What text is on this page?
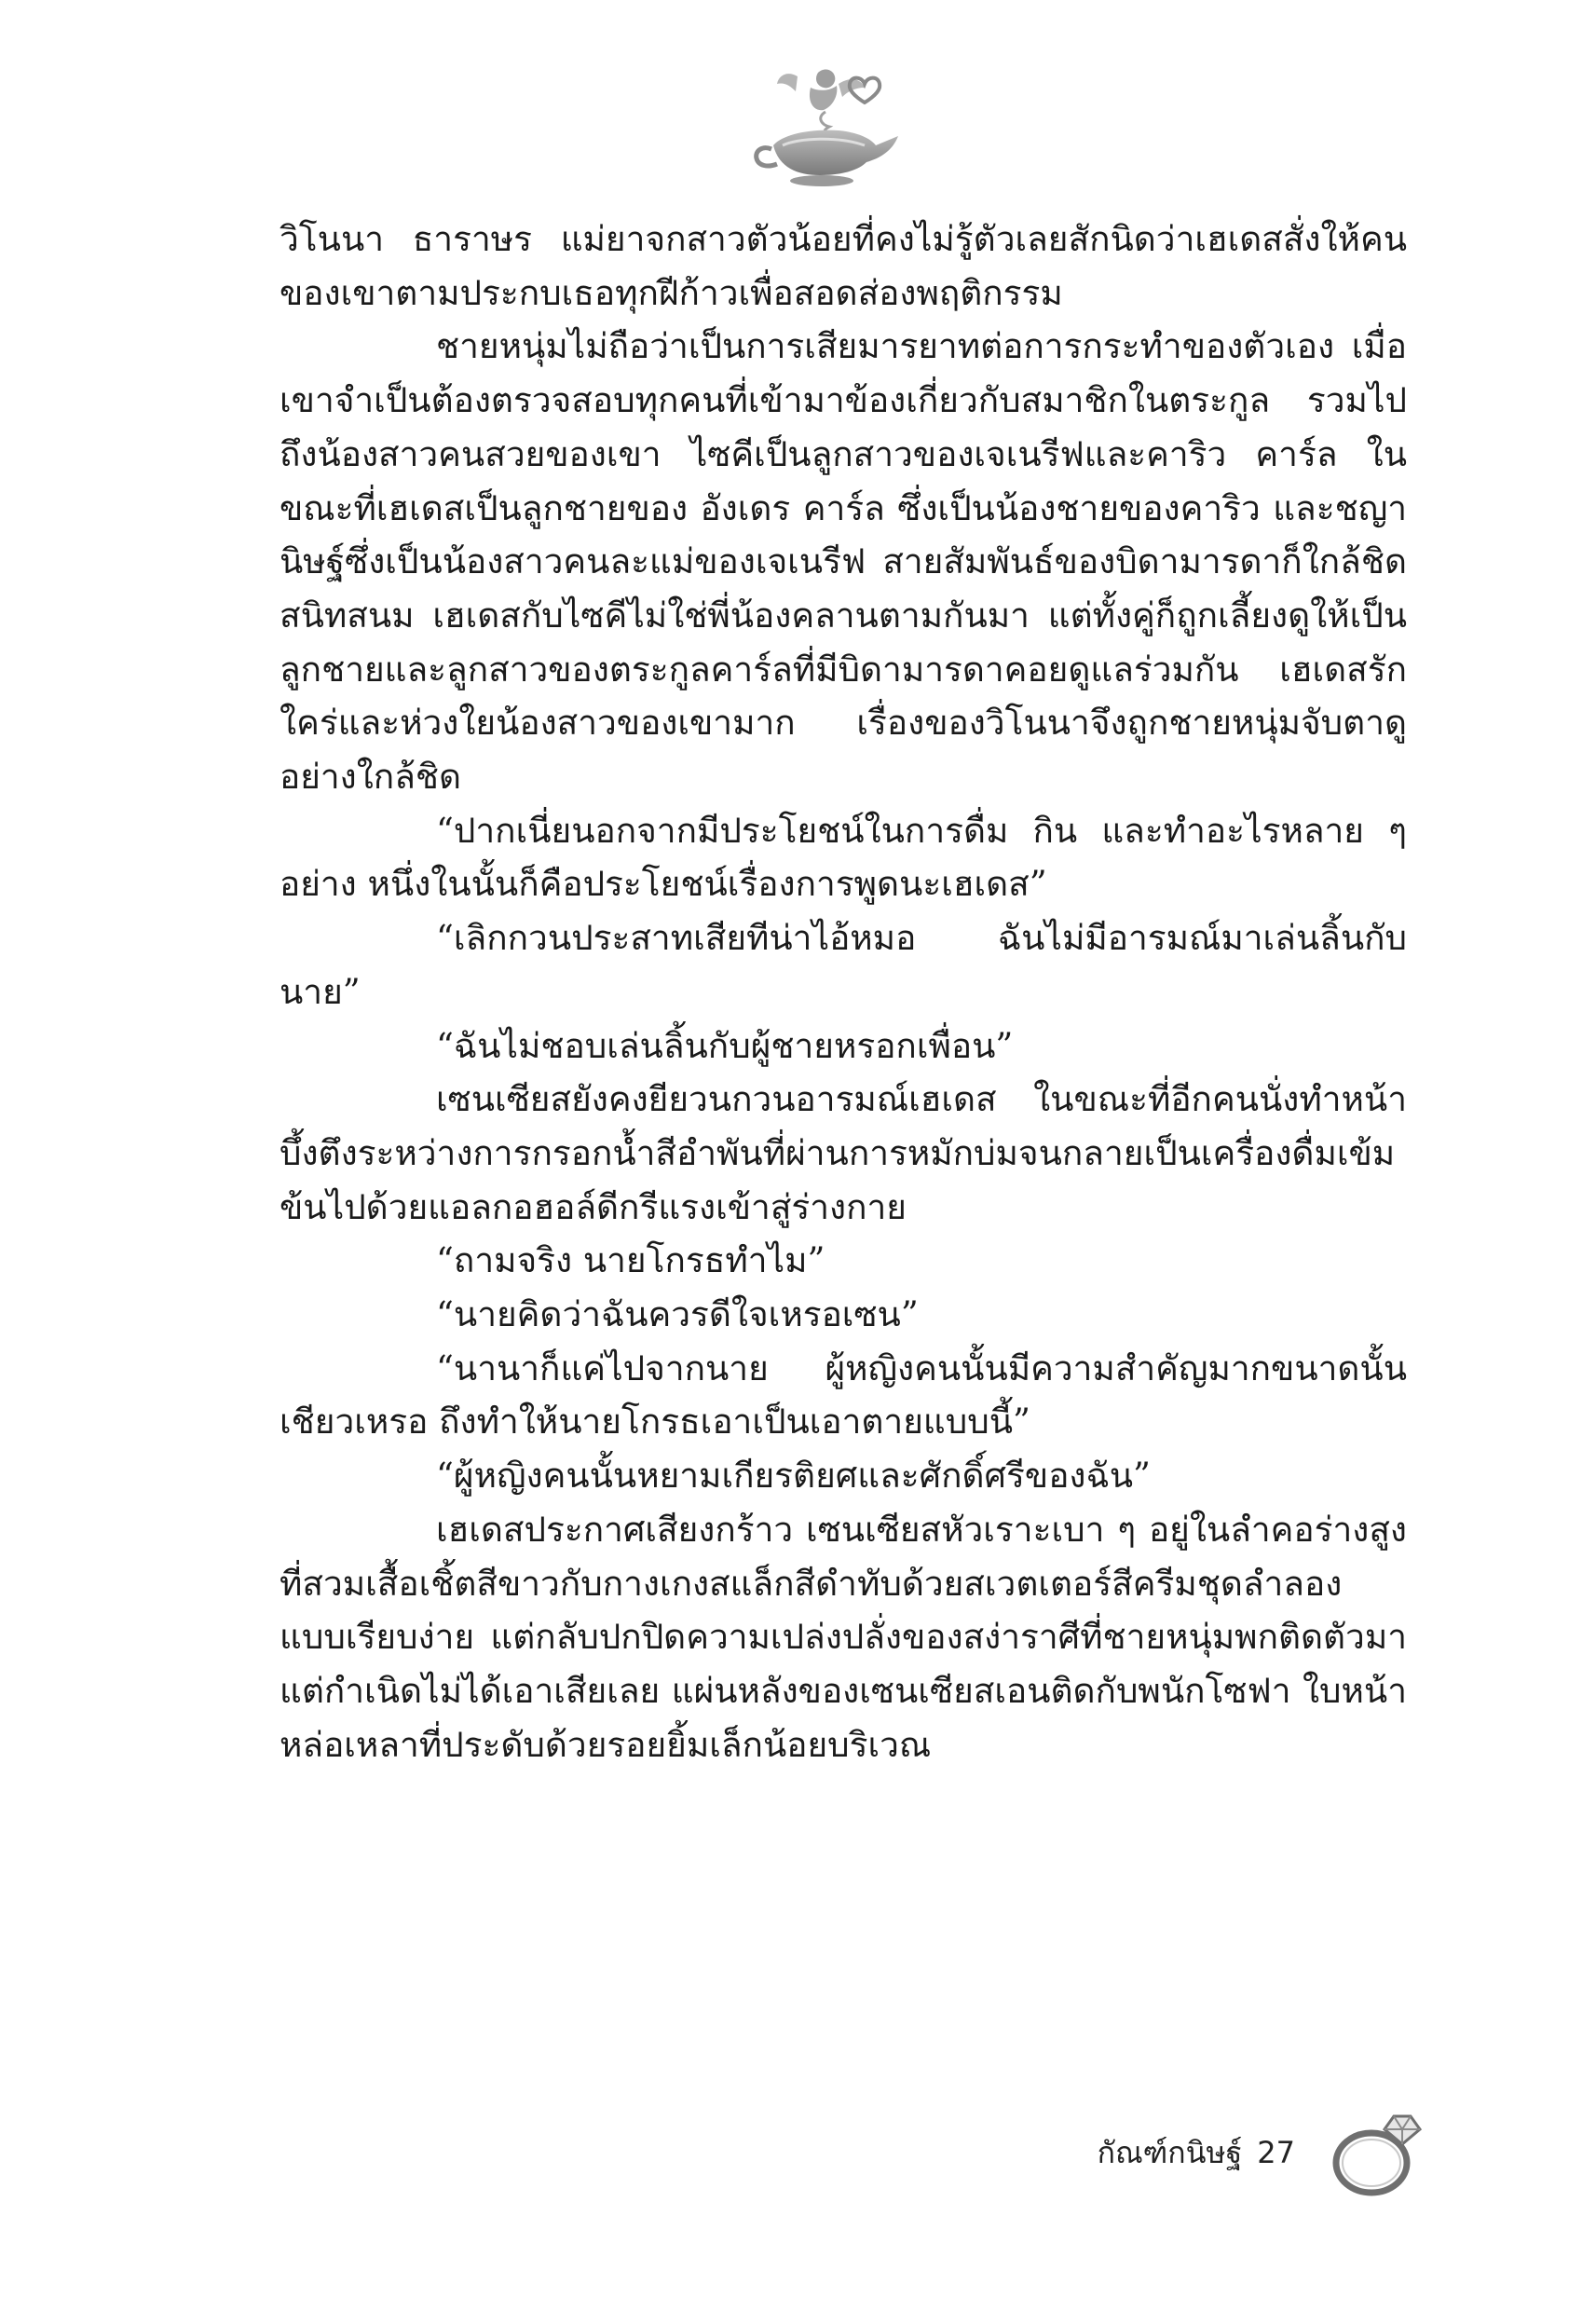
วิโนนา ธาราษร แม่ยาจกสาวตัวน้อยที่คงไม่รู้ตัวเลยสักนิดว่าเฮเดสสั่งให้คนของเขาตามประกบเธอทุกฝีก้าวเพื่อสอดส่องพฤติกรรม

ชายหนุ่มไม่ถือว่าเป็นการเสียมารยาทต่อการกระทำของตัวเอง เมื่อเขาจำเป็นต้องตรวจสอบทุกคนที่เข้ามาข้องเกี่ยวกับสมาชิกในตระกูล รวมไปถึงน้องสาวคนสวยของเขา ไซคีเป็นลูกสาวของเจเนรีฟและคาริว คาร์ล ในขณะที่เฮเดสเป็นลูกชายของ อังเดร คาร์ล ซึ่งเป็นน้องชายของคาริว และชญานิษฐ์ซึ่งเป็นน้องสาวคนละแม่ของเจเนรีฟ สายสัมพันธ์ของบิดามารดาก็ใกล้ชิดสนิทสนม เฮเดสกับไซคีไม่ใช่พี่น้องคลานตามกันมา แต่ทั้งคู่ก็ถูกเลี้ยงดูให้เป็นลูกชายและลูกสาวของตระกูลคาร์ลที่มีบิดามารดาคอยดูแลร่วมกัน เฮเดสรักใคร่และห่วงใยน้องสาวของเขามาก เรื่องของวิโนนาจึงถูกชายหนุ่มจับตาดูอย่างใกล้ชิด

“ปากเนี่ยนอกจากมีประโยชน์ในการดื่ม กิน และทำอะไรหลาย ๆ อย่าง หนึ่งในนั้นก็คือประโยชน์เรื่องการพูดนะเฮเดส”

“เลิกกวนประสาทเสียทีน่าไอ้หมอ ฉันไม่มีอารมณ์มาเล่นลิ้นกับนาย”

“ฉันไม่ชอบเล่นลิ้นกับผู้ชายหรอกเพื่อน”

เซนเซียสยังคงยียวนกวนอารมณ์เฮเดส ในขณะที่อีกคนนั่งทำหน้าบึ้งตึงระหว่างการกรอกน้ำสีอำพันที่ผ่านการหมักบ่มจนกลายเป็นเครื่องดื่มเข้มข้นไปด้วยแอลกอฮอล์ดีกรีแรงเข้าสู่ร่างกาย

“ถามจริง นายโกรธทำไม”

“นายคิดว่าฉันควรดีใจเหรอเซน”

“นานาก็แค่ไปจากนาย ผู้หญิงคนนั้นมีความสำคัญมากขนาดนั้นเชียวเหรอ ถึงทำให้นายโกรธเอาเป็นเอาตายแบบนี้”

“ผู้หญิงคนนั้นหยามเกียรติยศและศักดิ์ศรีของฉัน”

เฮเดสประกาศเสียงกร้าว เซนเซียสหัวเราะเบา ๆ อยู่ในลำคอร่างสูงที่สวมเสื้อเชิ้ตสีขาวกับกางเกงสแล็กสีดำทับด้วยสเวตเตอร์สีครีมชุดลำลองแบบเรียบง่าย แต่กลับปกปิดความเปล่งปลั่งของสง่าราศีที่ชายหนุ่มพกติดตัวมาแต่กำเนิดไม่ได้เอาเสียเลย แผ่นหลังของเซนเซียสเอนติดกับพนักโซฟา ใบหน้าหล่อเหลาที่ประดับด้วยรอยยิ้มเล็กน้อยบริเวณ

กัณฑ์กนิษฐ์ 27
